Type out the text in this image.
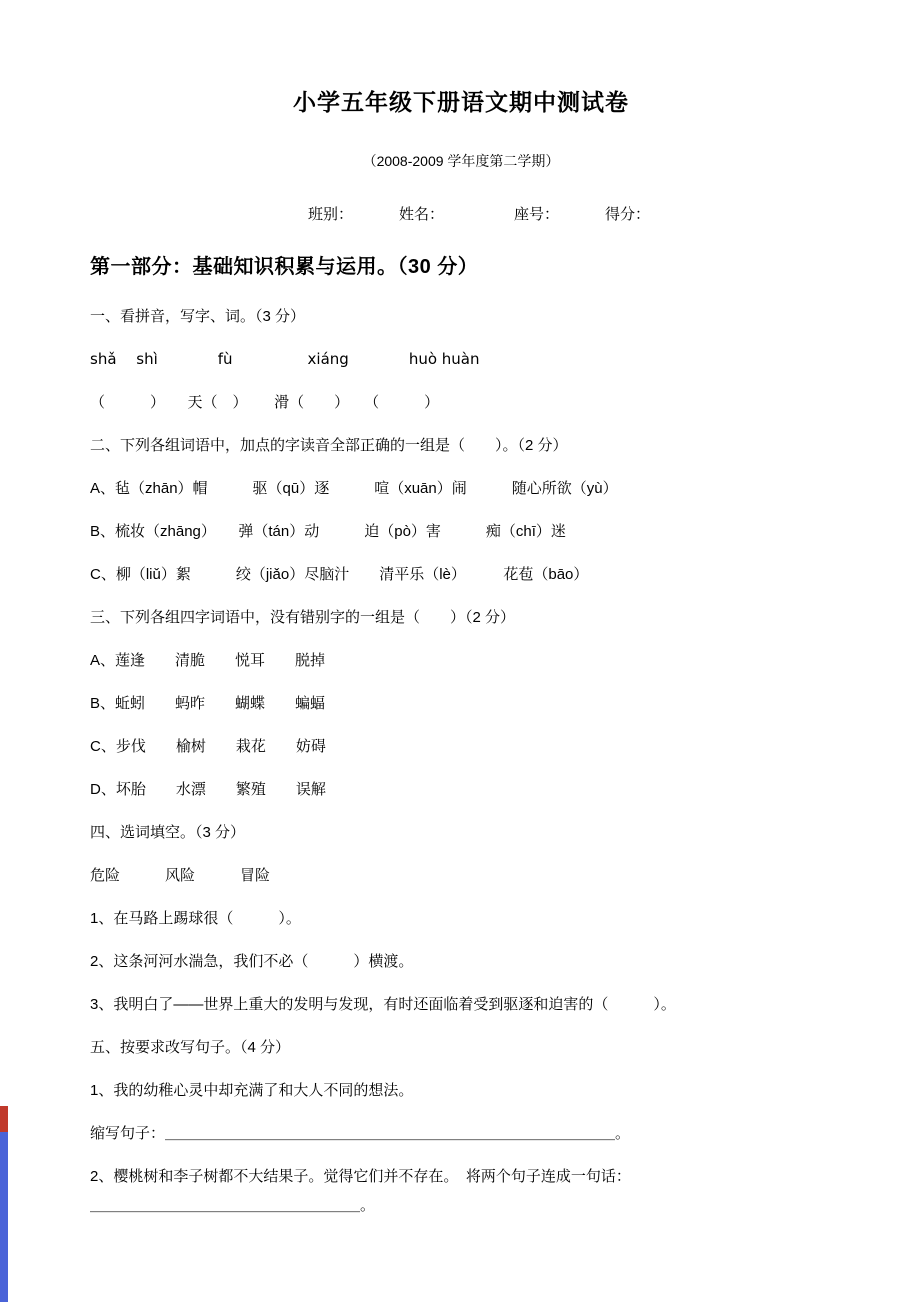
小学五年级下册语文期中测试卷

（2008-2009 学年度第二学期）

班别：	姓名：	座号：	得分：

第一部分：基础知识积累与运用。（30 分）

一、看拼音，写字、词。（3 分）

shǎ　 shì　　　　fù　　　　　xiáng　　　　huò huàn

（　　　）　　天（　）　　 滑（　　）　　（　　　）

二、下列各组词语中，加点的字读音全部正确的一组是（　　）。（2 分）

A、毡（zhān）帽　　　驱（qū）逐　　　喧（xuān）闹　　　随心所欲（yù）

B、梳妆（zhāng）　　弹（tán）动　　　迫（pò）害　　　痴（chī）迷

C、柳（liǔ）絮　　　绞（jiǎo）尽脑汁　　清平乐（lè）　　　花苞（bāo）

三、下列各组四字词语中，没有错别字的一组是（　　）（2 分）

A、莲逢　　清脆　　悦耳　　脱掉

B、蚯蚓　　蚂昨　　蝴蝶　　蝙蝠

C、步伐　　榆树　　栽花　　妨碍

D、坏胎　　水漂　　繁殖　　误解

四、选词填空。（3 分）

危险　　　风险　　　冒险

1、在马路上踢球很（　　　）。

2、这条河河水湍急，我们不必（　　　）横渡。

3、我明白了——世界上重大的发明与发现，有时还面临着受到驱逐和迫害的（　　　）。

五、按要求改写句子。（4 分）

1、我的幼稚心灵中却充满了和大人不同的想法。

缩写句子：＿＿＿＿＿＿＿＿＿＿＿＿＿＿＿＿＿＿＿＿＿＿＿＿＿＿＿＿＿＿。

2、樱桃树和李子树都不大结果子。觉得它们并不存在。　将两个句子连成一句话：

＿＿＿＿＿＿＿＿＿＿＿＿＿＿＿＿＿＿。
